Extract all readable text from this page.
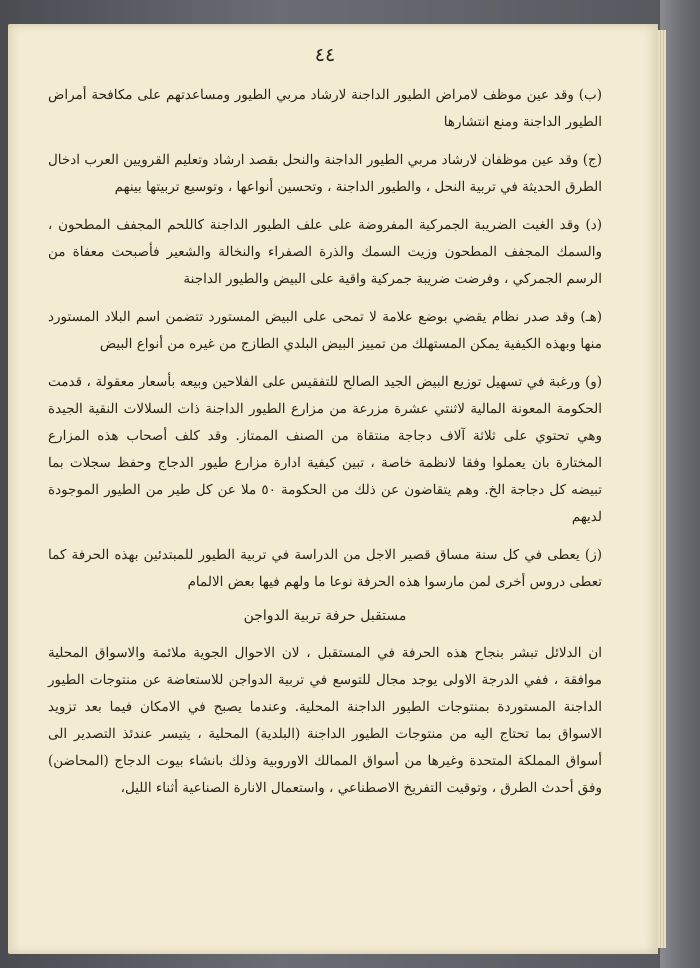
٤٤

(ب) وقد عين موظف لامراض الطيور الداجنة لارشاد مربي الطيور ومساعدتهم على مكافحة أمراض الطيور الداجنة ومنع انتشارها

(ج) وقد عين موظفان لارشاد مربي الطيور الداجنة والنحل بقصد ارشاد وتعليم القرويين العرب ادخال الطرق الحديثة في تربية النحل ، والطيور الداجنة ، وتحسين أنواعها ، وتوسيع تربيتها بينهم

(د) وقد الغيت الضريبة الجمركية المفروضة على علف الطيور الداجنة كاللحم المجفف المطحون ، والسمك المجفف المطحون وزيت السمك والذرة الصفراء والنخالة والشعير فأصبحت معفاة من الرسم الجمركي ، وفرضت ضريبة جمركية واقية على البيض والطيور الداجنة

(هـ) وقد صدر نظام يقضي بوضع علامة لا تمحى على البيض المستورد تتضمن اسم البلاد المستورد منها وبهذه الكيفية يمكن المستهلك من تمييز البيض البلدي الطازج من غيره من أنواع البيض

(و) ورغبة في تسهيل توزيع البيض الجيد الصالح للتفقيس على الفلاحين وبيعه بأسعار معقولة ، قدمت الحكومة المعونة المالية لاثنتي عشرة مزرعة من مزارع الطيور الداجنة ذات السلالات النقية الجيدة وهي تحتوي على ثلاثة آلاف دجاجة منتقاة من الصنف الممتاز. وقد كلف أصحاب هذه المزارع المختارة بان يعملوا وفقا لانظمة خاصة ، تبين كيفية ادارة مزارع طيور الدجاج وحفظ سجلات بما تبيضه كل دجاجة الخ. وهم يتقاضون عن ذلك من الحكومة ٥٠ ملا عن كل طير من الطيور الموجودة لديهم

(ز) يعطى في كل سنة مساق قصير الاجل من الدراسة في تربية الطيور للمبتدئين بهذه الحرفة كما تعطى دروس أخرى لمن مارسوا هذه الحرفة نوعا ما ولهم فيها بعض الالمام

مستقبل حرفة تربية الدواجن

ان الدلائل تبشر بنجاح هذه الحرفة في المستقبل ، لان الاحوال الجوية ملائمة والاسواق المحلية موافقة ، ففي الدرجة الاولى يوجد مجال للتوسع في تربية الدواجن للاستعاضة عن منتوجات الطيور الداجنة المستوردة بمنتوجات الطيور الداجنة المحلية. وعندما يصبح في الامكان فيما بعد تزويد الاسواق بما تحتاج اليه من منتوجات الطيور الداجنة (البلدية) المحلية ، يتيسر عندئذ التصدير الى أسواق المملكة المتحدة وغيرها من أسواق الممالك الاوروبية وذلك بانشاء بيوت الدجاج (المحاضن) وفق أحدث الطرق ، وتوقيت التفريخ الاصطناعي ، واستعمال الانارة الصناعية أثناء الليل،
